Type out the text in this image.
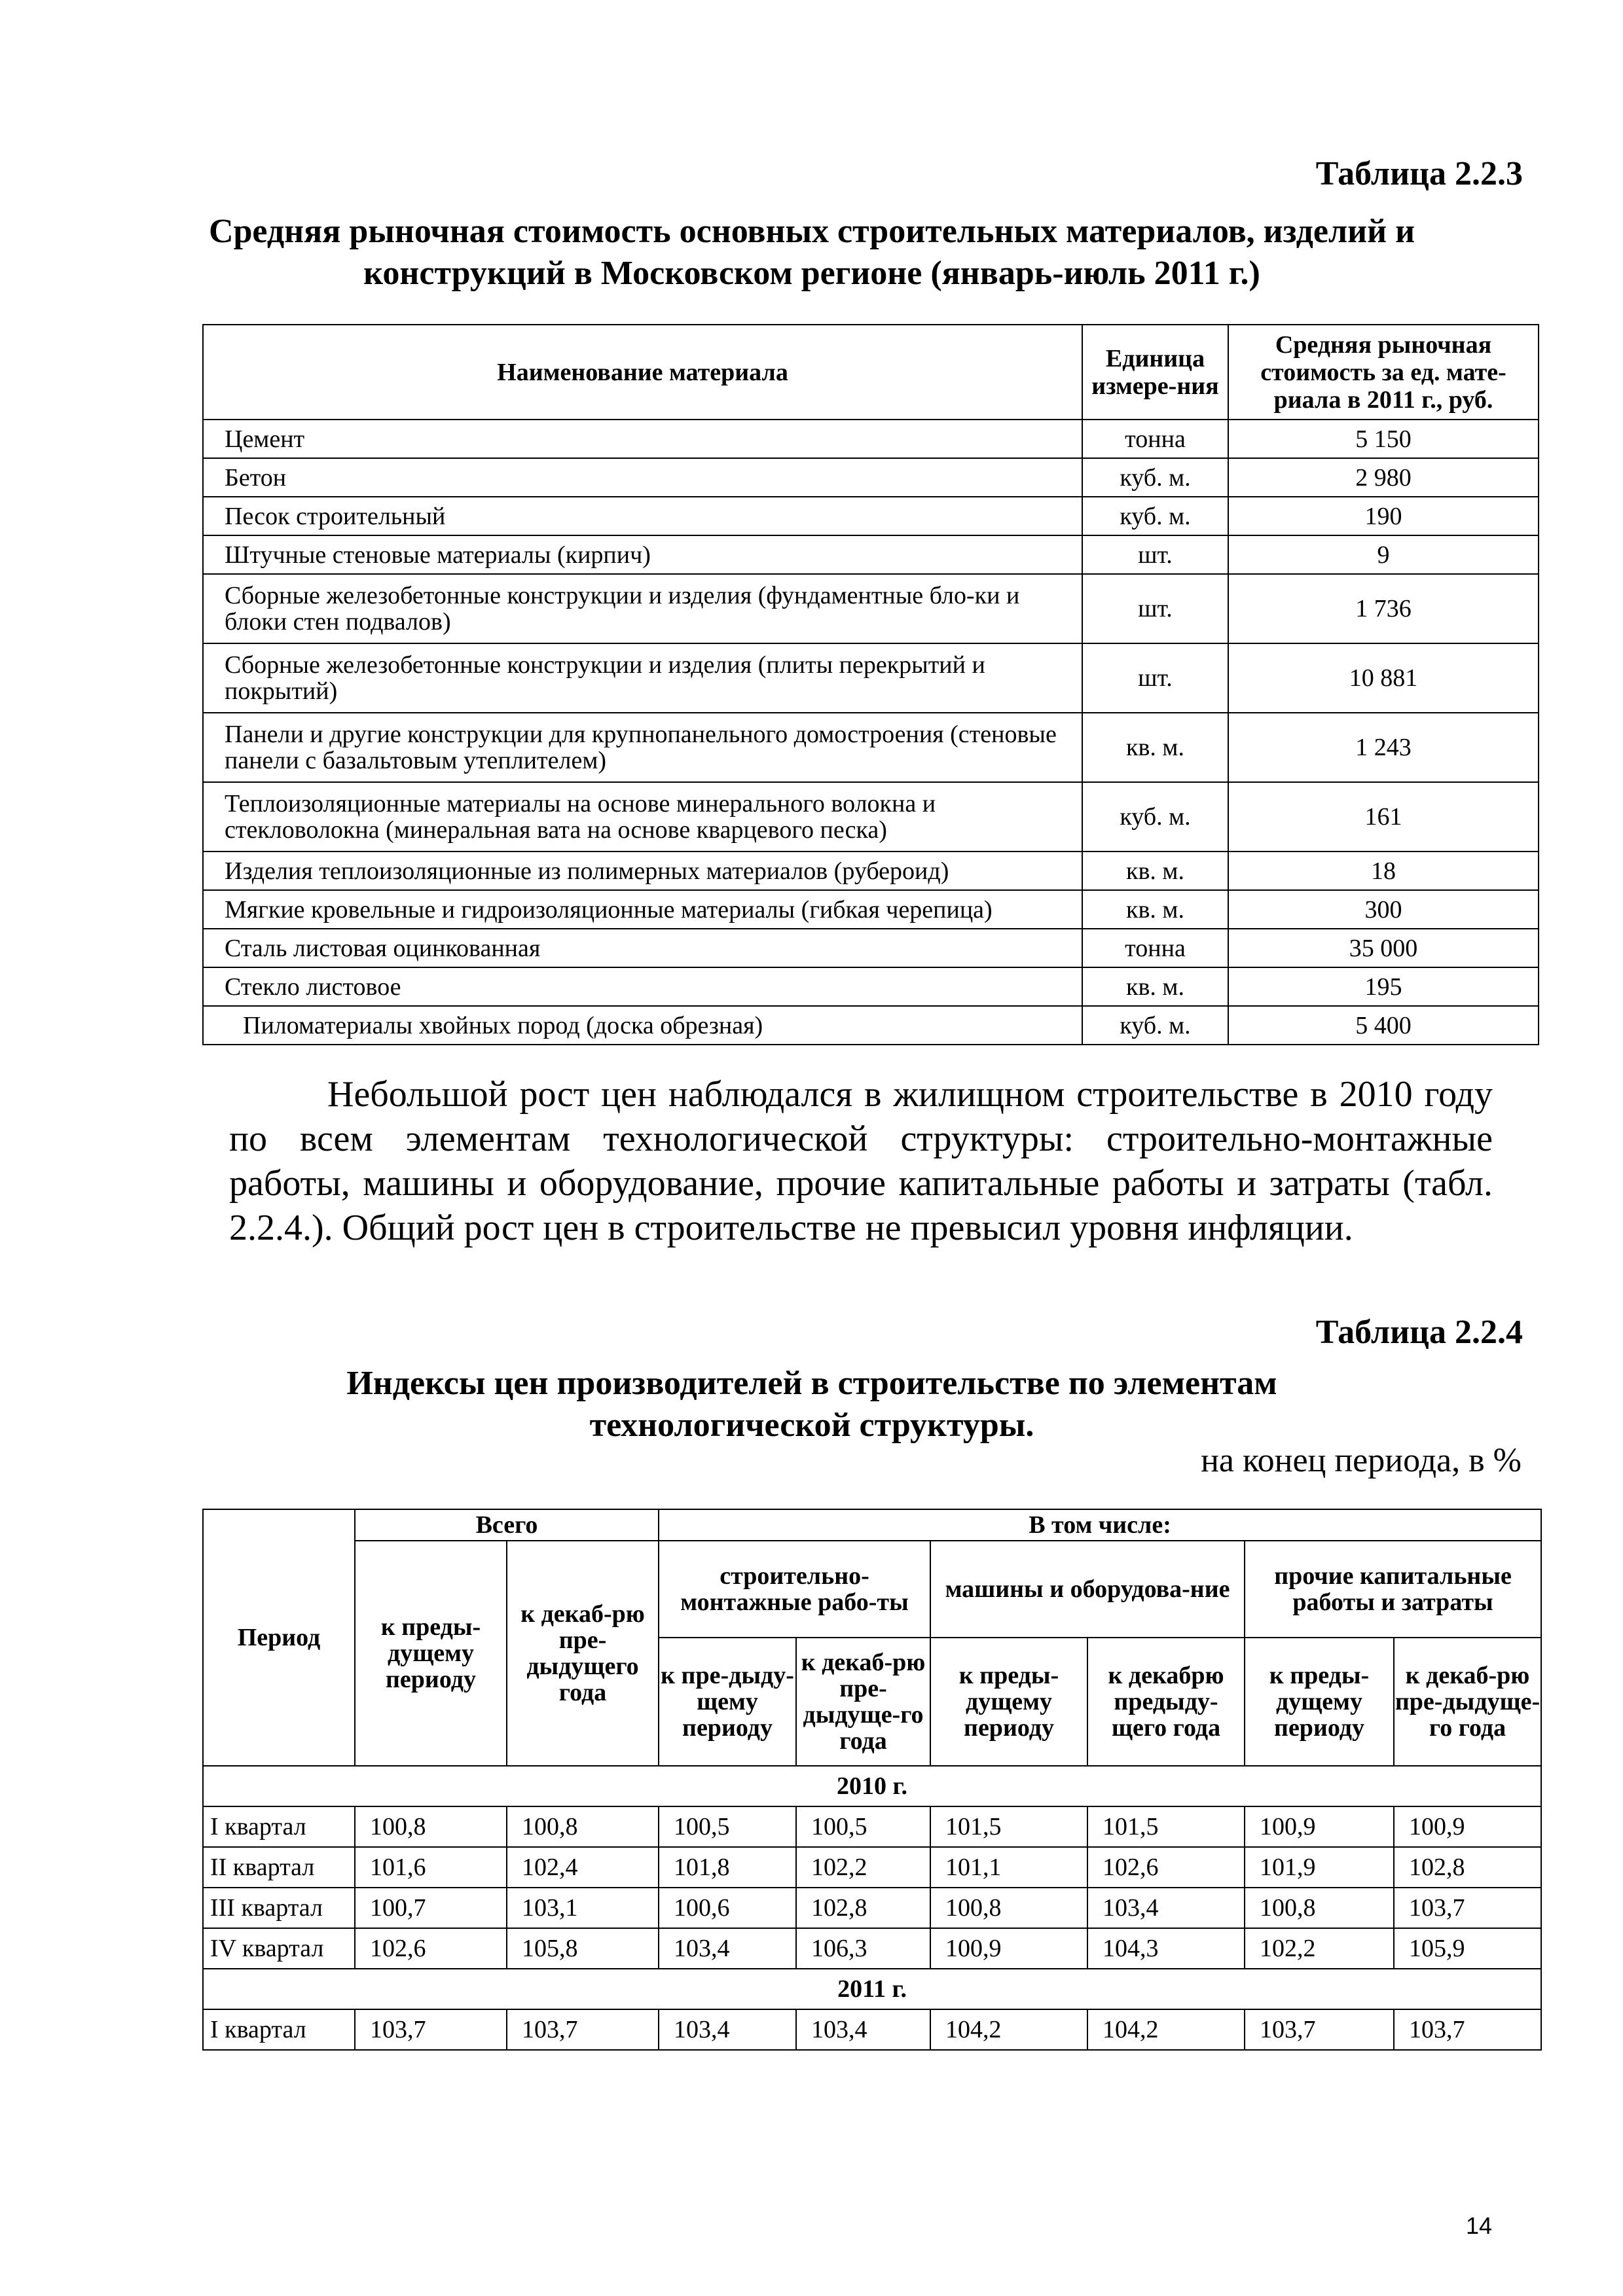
Таблица 2.2.3
Средняя рыночная стоимость основных строительных материалов, изделий и конструкций в Московском регионе (январь-июль 2011 г.)
Наименование материала	Единица измере-ния	Средняя рыночная стоимость за ед. мате-риала в 2011 г., руб.
Цемент	тонна	5 150
Бетон	куб. м.	2 980
Песок строительный	куб. м.	190
Штучные стеновые материалы (кирпич)	шт.	9
Сборные железобетонные конструкции и изделия (фундаментные бло-ки и блоки стен подвалов)	шт.	1 736
Сборные железобетонные конструкции и изделия (плиты перекрытий и покрытий)	шт.	10 881
Панели и другие конструкции для крупнопанельного домостроения (стеновые панели с базальтовым утеплителем)	кв. м.	1 243
Теплоизоляционные материалы на основе минерального волокна и стекловолокна (минеральная вата на основе кварцевого песка)	куб. м.	161
Изделия теплоизоляционные из полимерных материалов (рубероид)	кв. м.	18
Мягкие кровельные и гидроизоляционные материалы (гибкая черепица)	кв. м.	300
Сталь листовая оцинкованная	тонна	35 000
Стекло листовое	кв. м.	195
Пиломатериалы хвойных пород (доска обрезная)	куб. м.	5 400
Небольшой рост цен наблюдался в жилищном строительстве в 2010 году по всем элементам технологической структуры: строительно-монтажные работы, машины и оборудование, прочие капитальные работы и затраты (табл. 2.2.4.). Общий рост цен в строительстве не превысил уровня инфляции.
Таблица 2.2.4
Индексы цен производителей в строительстве по элементам
технологической структуры.
на конец периода, в %
Период	Всего		В том числе:					
	к преды-дущему периоду	к декаб-рю пре-дыдущего года	строительно-монтажные рабо-ты		машины и оборудова-ние		прочие капитальные работы и затраты	
			к пре-дыду-щему периоду	к декаб-рю пре-дыдуще-го года	к преды-дущему периоду	к декабрю предыду-щего года	к преды-дущему периоду	к декаб-рю пре-дыдуще-го года
2010 г.								
I квартал	100,8	100,8	100,5	100,5	101,5	101,5	100,9	100,9
II квартал	101,6	102,4	101,8	102,2	101,1	102,6	101,9	102,8
III квартал	100,7	103,1	100,6	102,8	100,8	103,4	100,8	103,7
IV квартал	102,6	105,8	103,4	106,3	100,9	104,3	102,2	105,9
2011 г.								
I квартал	103,7	103,7	103,4	103,4	104,2	104,2	103,7	103,7
14
